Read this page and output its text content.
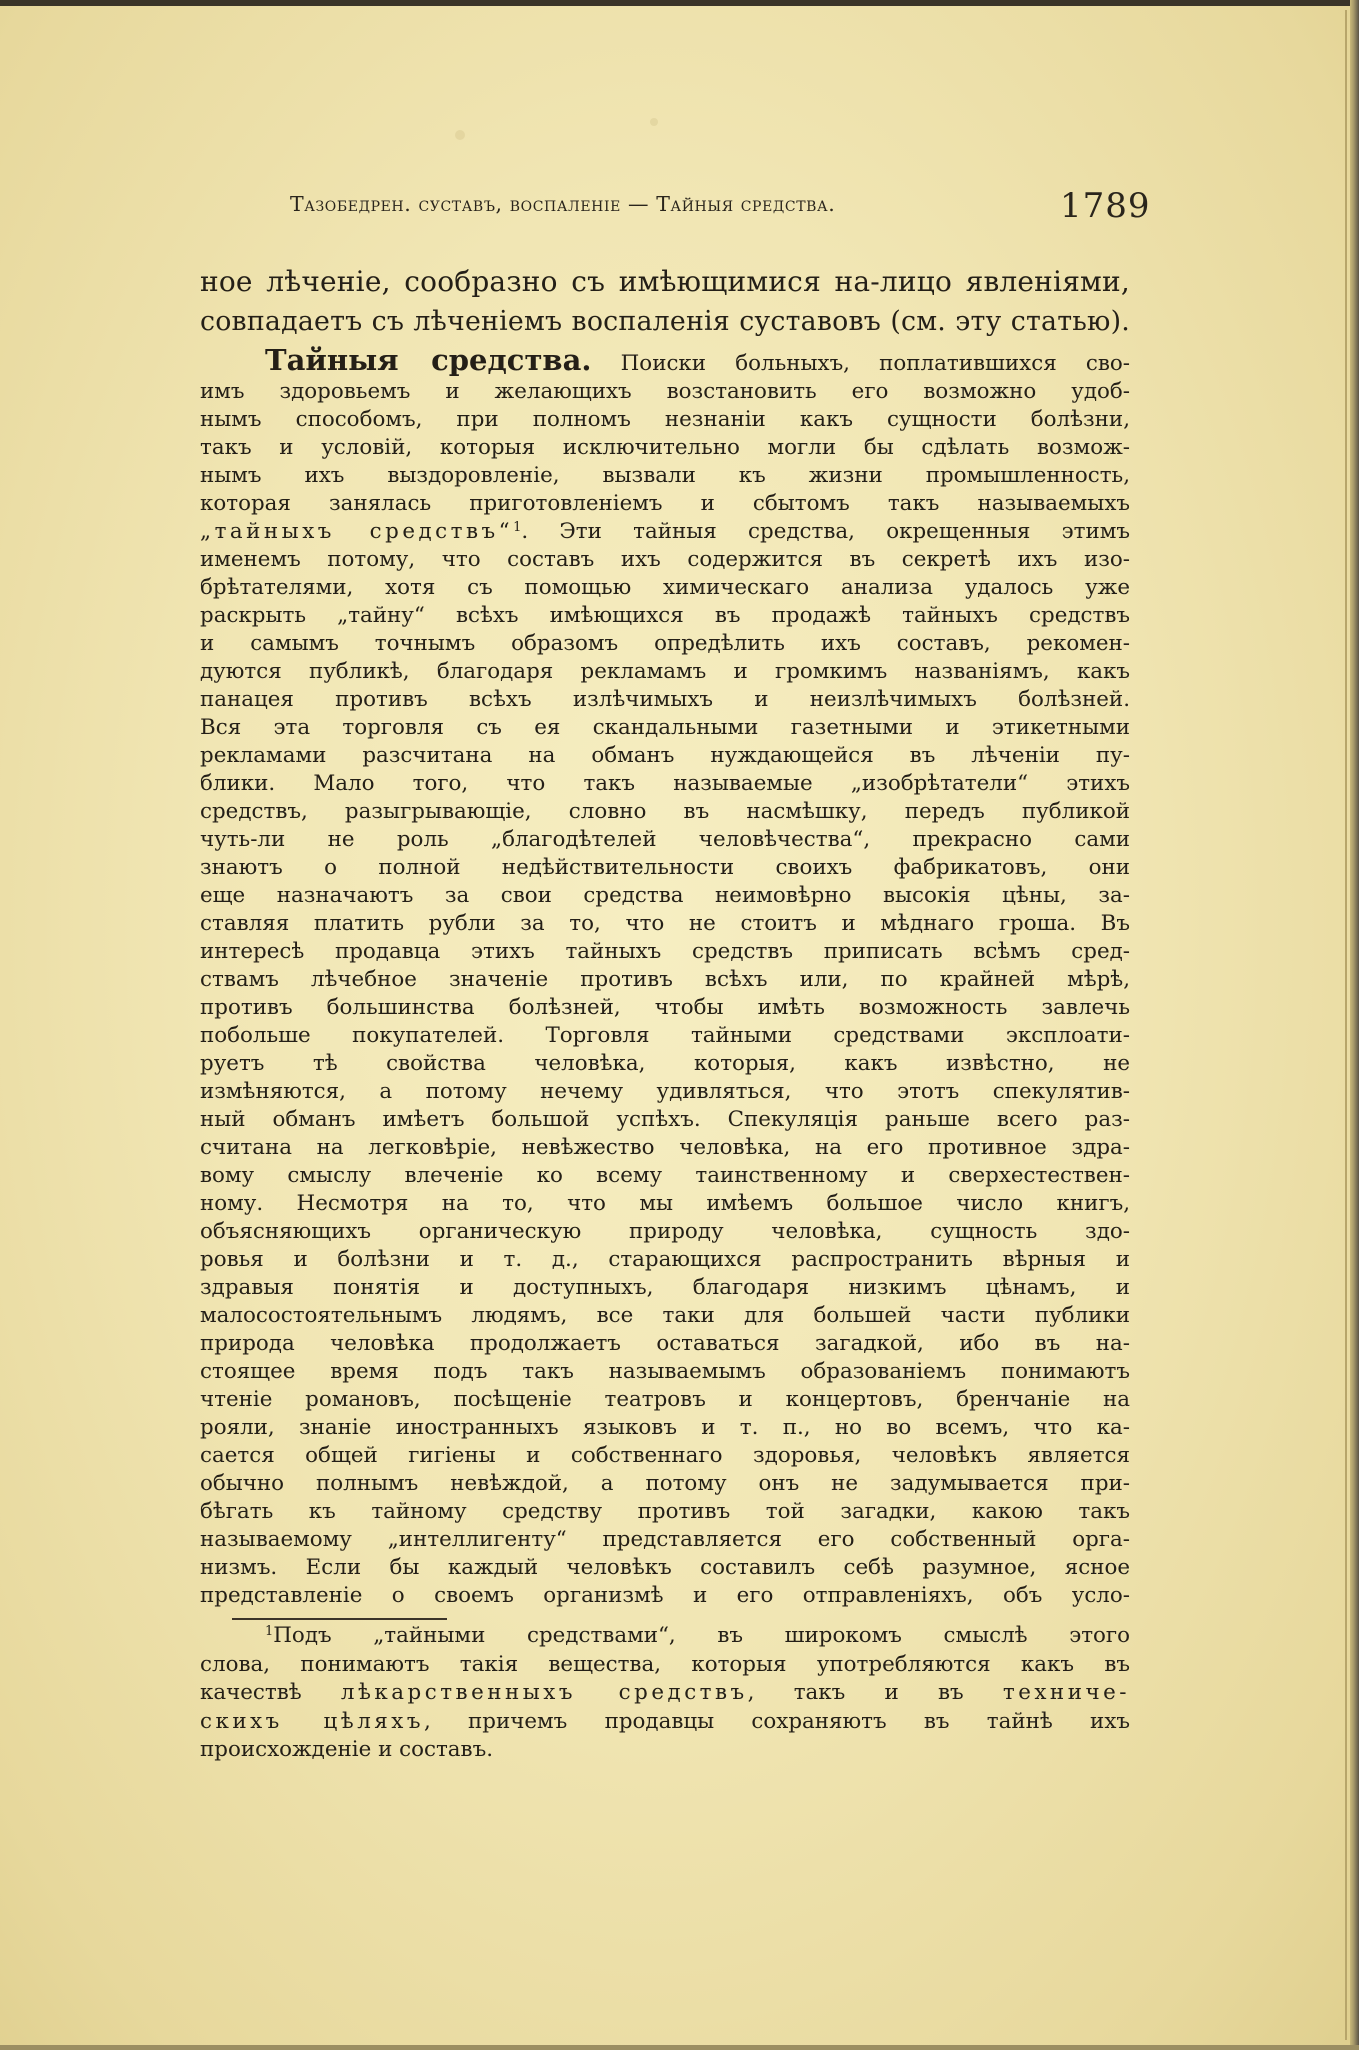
Тазобедрен. суставъ, воспаленіе — Тайныя средства.	1789
ное лѣченіе, сообразно съ имѣющимися на-лицо явленіями,
совпадаетъ съ лѣченіемъ воспаленія суставовъ (см. эту статью).
Тайныя средства. Поиски больныхъ, поплатившихся сво-
имъ здоровьемъ и желающихъ возстановить его возможно удоб-
нымъ способомъ, при полномъ незнаніи какъ сущности болѣзни,
такъ и условій, которыя исключительно могли бы сдѣлать возмож-
нымъ ихъ выздоровленіе, вызвали къ жизни промышленность,
которая занялась приготовленіемъ и сбытомъ такъ называемыхъ
„тайныхъ средствъ“$^1$. Эти тайныя средства, окрещенныя этимъ
именемъ потому, что составъ ихъ содержится въ секретѣ ихъ изо-
брѣтателями, хотя съ помощью химическаго анализа удалось уже
раскрыть „тайну“ всѣхъ имѣющихся въ продажѣ тайныхъ средствъ
и самымъ точнымъ образомъ опредѣлить ихъ составъ, рекомен-
дуются публикѣ, благодаря рекламамъ и громкимъ названіямъ, какъ
панацея противъ всѣхъ излѣчимыхъ и неизлѣчимыхъ болѣзней.
Вся эта торговля съ ея скандальными газетными и этикетными
рекламами разсчитана на обманъ нуждающейся въ лѣченіи пу-
блики. Мало того, что такъ называемые „изобрѣтатели“ этихъ
средствъ, разыгрывающіе, словно въ насмѣшку, передъ публикой
чуть-ли не роль „благодѣтелей человѣчества“, прекрасно сами
знаютъ о полной недѣйствительности своихъ фабрикатовъ, они
еще назначаютъ за свои средства неимовѣрно высокія цѣны, за-
ставляя платить рубли за то, что не стоитъ и мѣднаго гроша. Въ
интересѣ продавца этихъ тайныхъ средствъ приписать всѣмъ сред-
ствамъ лѣчебное значеніе противъ всѣхъ или, по крайней мѣрѣ,
противъ большинства болѣзней, чтобы имѣть возможность завлечь
побольше покупателей. Торговля тайными средствами эксплоати-
руетъ тѣ свойства человѣка, которыя, какъ извѣстно, не
измѣняются, а потому нечему удивляться, что этотъ спекулятив-
ный обманъ имѣетъ большой успѣхъ. Спекуляція раньше всего раз-
считана на легковѣріе, невѣжество человѣка, на его противное здра-
вому смыслу влеченіе ко всему таинственному и сверхестествен-
ному. Несмотря на то, что мы имѣемъ большое число книгъ,
объясняющихъ органическую природу человѣка, сущность здо-
ровья и болѣзни и т. д., старающихся распространить вѣрныя и
здравыя понятія и доступныхъ, благодаря низкимъ цѣнамъ, и
малосостоятельнымъ людямъ, все таки для большей части публики
природа человѣка продолжаетъ оставаться загадкой, ибо въ на-
стоящее время подъ такъ называемымъ образованіемъ понимаютъ
чтеніе романовъ, посѣщеніе театровъ и концертовъ, бренчаніе на
рояли, знаніе иностранныхъ языковъ и т. п., но во всемъ, что ка-
сается общей гигіены и собственнаго здоровья, человѣкъ является
обычно полнымъ невѣждой, а потому онъ не задумывается при-
бѣгать къ тайному средству противъ той загадки, какою такъ
называемому „интеллигенту“ представляется его собственный орга-
низмъ. Если бы каждый человѣкъ составилъ себѣ разумное, ясное
представленіе о своемъ организмѣ и его отправленіяхъ, объ усло-
$^1$Подъ „тайными средствами“, въ широкомъ смыслѣ этого
слова, понимаютъ такія вещества, которыя употребляются какъ въ
качествѣ лѣкарственныхъ средствъ, такъ и въ техниче-
скихъ цѣляхъ, причемъ продавцы сохраняютъ въ тайнѣ ихъ
происхожденіе и составъ.
